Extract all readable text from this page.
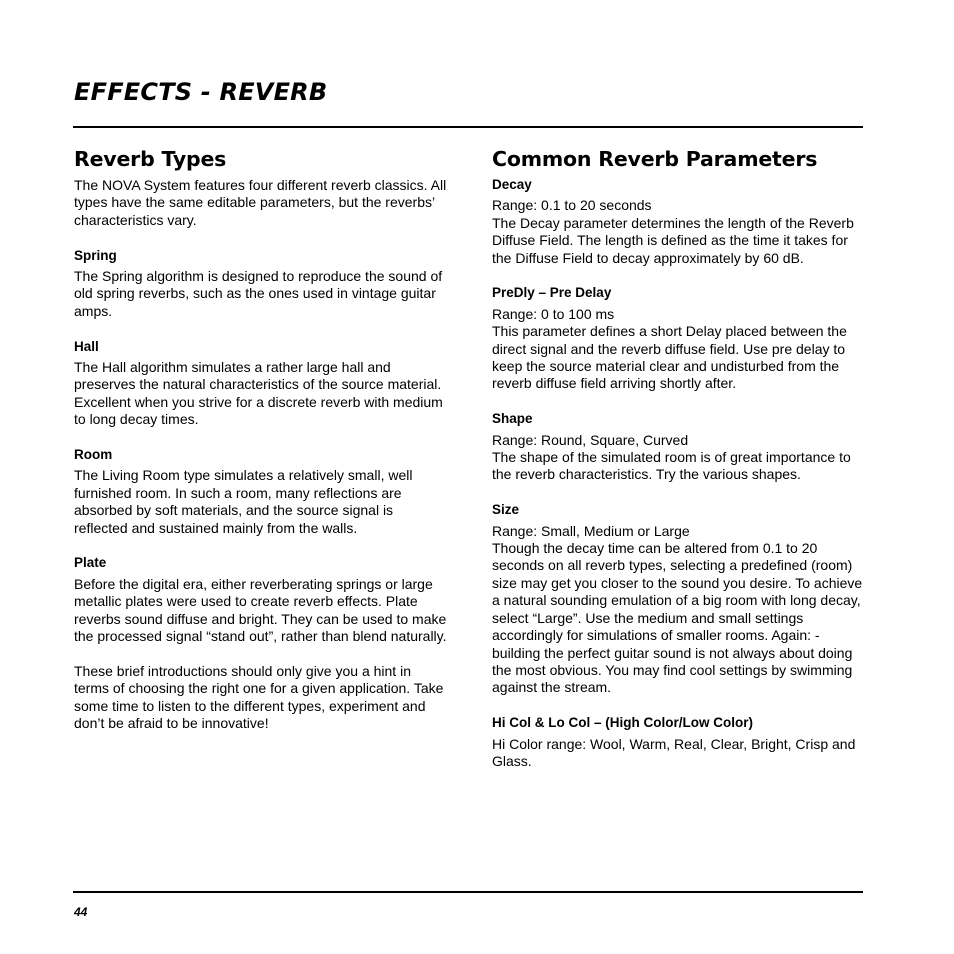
EFFECTS - REVERB
Reverb Types

The NOVA System features four different reverb classics. All types have the same editable parameters, but the reverbs’ characteristics vary.

Spring

The Spring algorithm is designed to reproduce the sound of old spring reverbs, such as the ones used in vintage guitar amps.

Hall

The Hall algorithm simulates a rather large hall and preserves the natural characteristics of the source material. Excellent when you strive for a discrete reverb with medium to long decay times.

Room

The Living Room type simulates a relatively small, well furnished room. In such a room, many reflections are absorbed by soft materials, and the source signal is reflected and sustained mainly from the walls.

Plate

Before the digital era, either reverberating springs or large metallic plates were used to create reverb effects. Plate reverbs sound diffuse and bright. They can be used to make the processed signal “stand out”, rather than blend naturally.

These brief introductions should only give you a hint in terms of choosing the right one for a given application. Take some time to listen to the different types, experiment and don’t be afraid to be innovative!

Common Reverb Parameters
Decay

Range: 0.1 to 20 seconds

The Decay parameter determines the length of the Reverb Diffuse Field. The length is defined as the time it takes for the Diffuse Field to decay approximately by 60 dB.

PreDly – Pre Delay

Range: 0 to 100 ms

This parameter defines a short Delay placed between the direct signal and the reverb diffuse field. Use pre delay to keep the source material clear and undisturbed from the reverb diffuse field arriving shortly after.

Shape

Range: Round, Square, Curved

The shape of the simulated room is of great importance to the reverb characteristics. Try the various shapes.

Size

Range: Small, Medium or Large

Though the decay time can be altered from 0.1 to 20 seconds on all reverb types, selecting a predefined (room) size may get you closer to the sound you desire. To achieve a natural sounding emulation of a big room with long decay, select “Large”. Use the medium and small settings accordingly for simulations of smaller rooms. Again: - building the perfect guitar sound is not always about doing the most obvious. You may find cool settings by swimming against the stream.

Hi Col & Lo Col – (High Color/Low Color)

Hi Color range: Wool, Warm, Real, Clear, Bright, Crisp and Glass.

44
